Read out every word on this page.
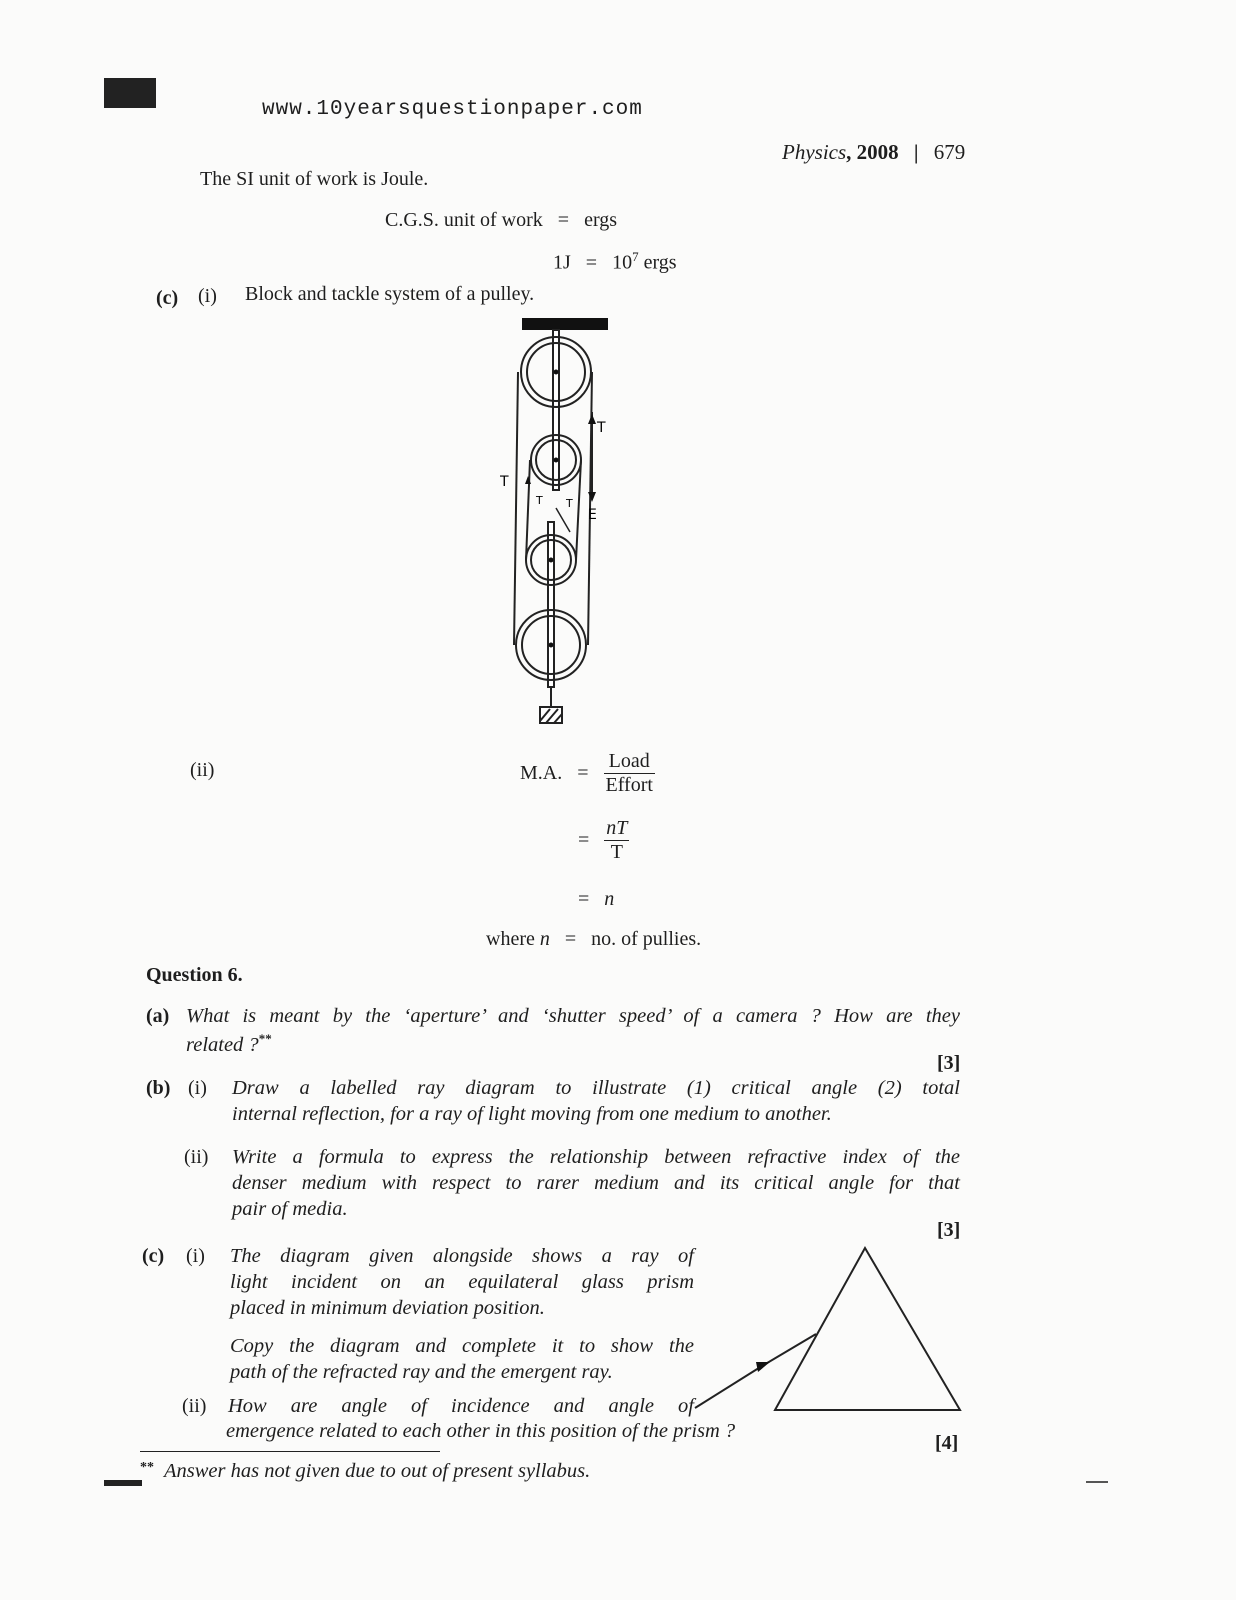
www.10yearsquestionpaper.com
Physics, 2008 | 679
The SI unit of work is Joule.
C.G.S. unit of work = ergs
$1J = 10^7$ ergs
(c) (i) Block and tackle system of a pulley.
T
T
T T
E
(ii)	M.A. = $\frac{\text{Load}}{\text{Effort}}$
= $\frac{nT}{T}$
= n
where n = no. of pullies.
Question 6.
(a) What is meant by the ‘aperture’ and ‘shutter speed’ of a camera ? How are they
related ?**
[3]
(b) (i) Draw a labelled ray diagram to illustrate (1) critical angle (2) total
internal reflection, for a ray of light moving from one medium to another.
(ii) Write a formula to express the relationship between refractive index of the
denser medium with respect to rarer medium and its critical angle for that
pair of media.
[3]
(c) (i) The diagram given alongside shows a ray of
light incident on an equilateral glass prism
placed in minimum deviation position.
Copy the diagram and complete it to show the
path of the refracted ray and the emergent ray.
(ii) How are angle of incidence and angle of
emergence related to each other in this position of the prism ?
[4]
** Answer has not given due to out of present syllabus.
